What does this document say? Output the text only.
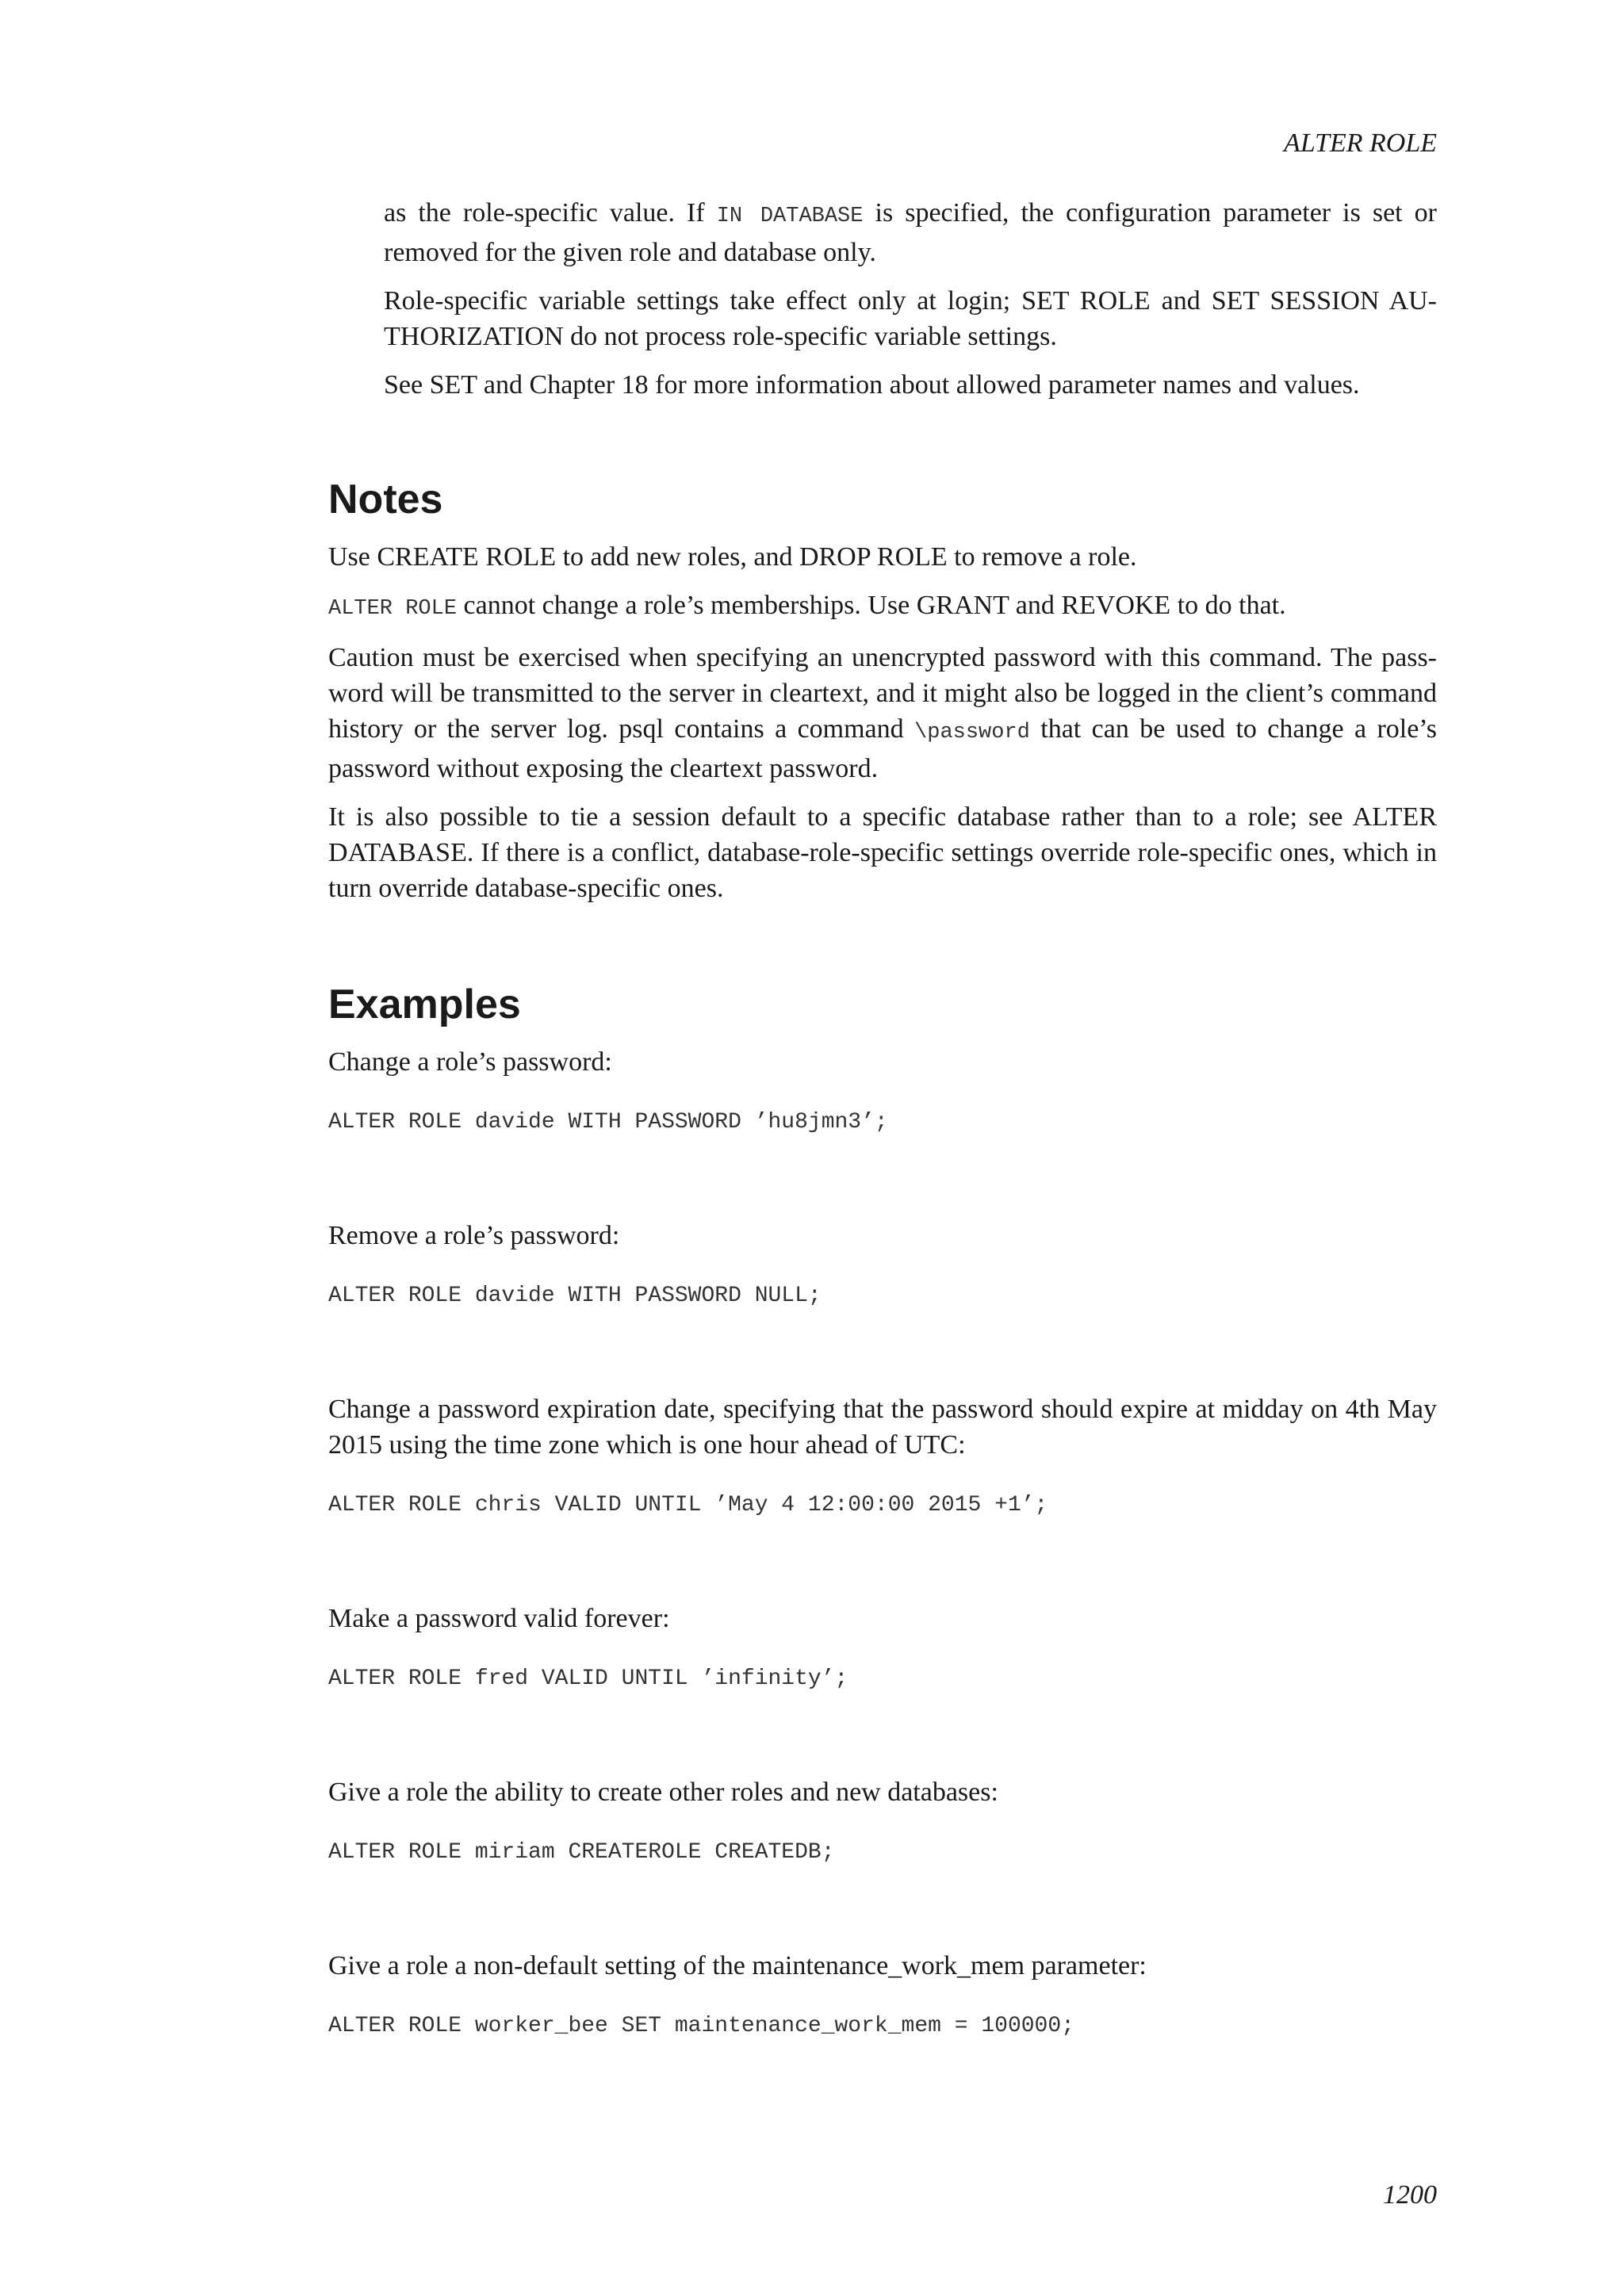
ALTER ROLE

as the role-specific value. If IN DATABASE is specified, the configuration parameter is set or removed for the given role and database only.

Role-specific variable settings take effect only at login; SET ROLE and SET SESSION AU-THORIZATION do not process role-specific variable settings.

See SET and Chapter 18 for more information about allowed parameter names and values.

Notes

Use CREATE ROLE to add new roles, and DROP ROLE to remove a role.

ALTER ROLE cannot change a role’s memberships. Use GRANT and REVOKE to do that.

Caution must be exercised when specifying an unencrypted password with this command. The pass-word will be transmitted to the server in cleartext, and it might also be logged in the client’s command history or the server log. psql contains a command \password that can be used to change a role’s password without exposing the cleartext password.

It is also possible to tie a session default to a specific database rather than to a role; see ALTER DATABASE. If there is a conflict, database-role-specific settings override role-specific ones, which in turn override database-specific ones.

Examples

Change a role’s password:

ALTER ROLE davide WITH PASSWORD ’hu8jmn3’;

Remove a role’s password:

ALTER ROLE davide WITH PASSWORD NULL;

Change a password expiration date, specifying that the password should expire at midday on 4th May 2015 using the time zone which is one hour ahead of UTC:

ALTER ROLE chris VALID UNTIL ’May 4 12:00:00 2015 +1’;

Make a password valid forever:

ALTER ROLE fred VALID UNTIL ’infinity’;

Give a role the ability to create other roles and new databases:

ALTER ROLE miriam CREATEROLE CREATEDB;

Give a role a non-default setting of the maintenance_work_mem parameter:

ALTER ROLE worker_bee SET maintenance_work_mem = 100000;
1200
